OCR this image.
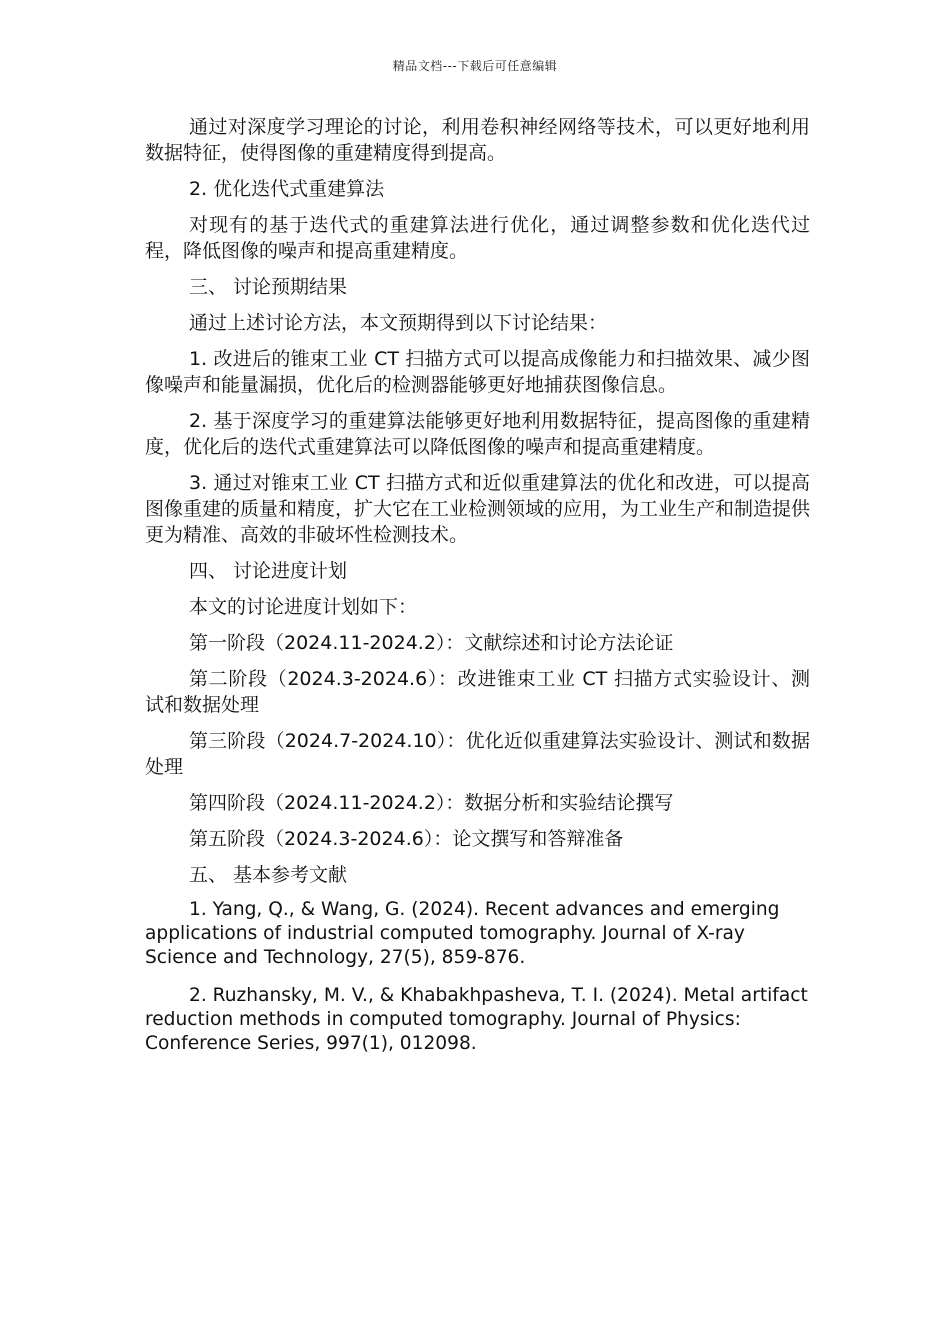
精品文档---下载后可任意编辑

通过对深度学习理论的讨论，利用卷积神经网络等技术，可以更好地利用数据特征，使得图像的重建精度得到提高。

2. 优化迭代式重建算法

对现有的基于迭代式的重建算法进行优化，通过调整参数和优化迭代过程，降低图像的噪声和提高重建精度。

三、 讨论预期结果

通过上述讨论方法，本文预期得到以下讨论结果：

1. 改进后的锥束工业 CT 扫描方式可以提高成像能力和扫描效果、减少图像噪声和能量漏损，优化后的检测器能够更好地捕获图像信息。

2. 基于深度学习的重建算法能够更好地利用数据特征，提高图像的重建精度，优化后的迭代式重建算法可以降低图像的噪声和提高重建精度。

3. 通过对锥束工业 CT 扫描方式和近似重建算法的优化和改进，可以提高图像重建的质量和精度，扩大它在工业检测领域的应用，为工业生产和制造提供更为精准、高效的非破坏性检测技术。

四、 讨论进度计划

本文的讨论进度计划如下：

第一阶段（2024.11-2024.2）：文献综述和讨论方法论证

第二阶段（2024.3-2024.6）：改进锥束工业 CT 扫描方式实验设计、测试和数据处理

第三阶段（2024.7-2024.10）：优化近似重建算法实验设计、测试和数据处理

第四阶段（2024.11-2024.2）：数据分析和实验结论撰写

第五阶段（2024.3-2024.6）：论文撰写和答辩准备

五、 基本参考文献

1. Yang, Q., & Wang, G. (2024). Recent advances and emerging applications of industrial computed tomography. Journal of X-ray Science and Technology, 27(5), 859-876.

2. Ruzhansky, M. V., & Khabakhpasheva, T. I. (2024). Metal artifact reduction methods in computed tomography. Journal of Physics: Conference Series, 997(1), 012098.
